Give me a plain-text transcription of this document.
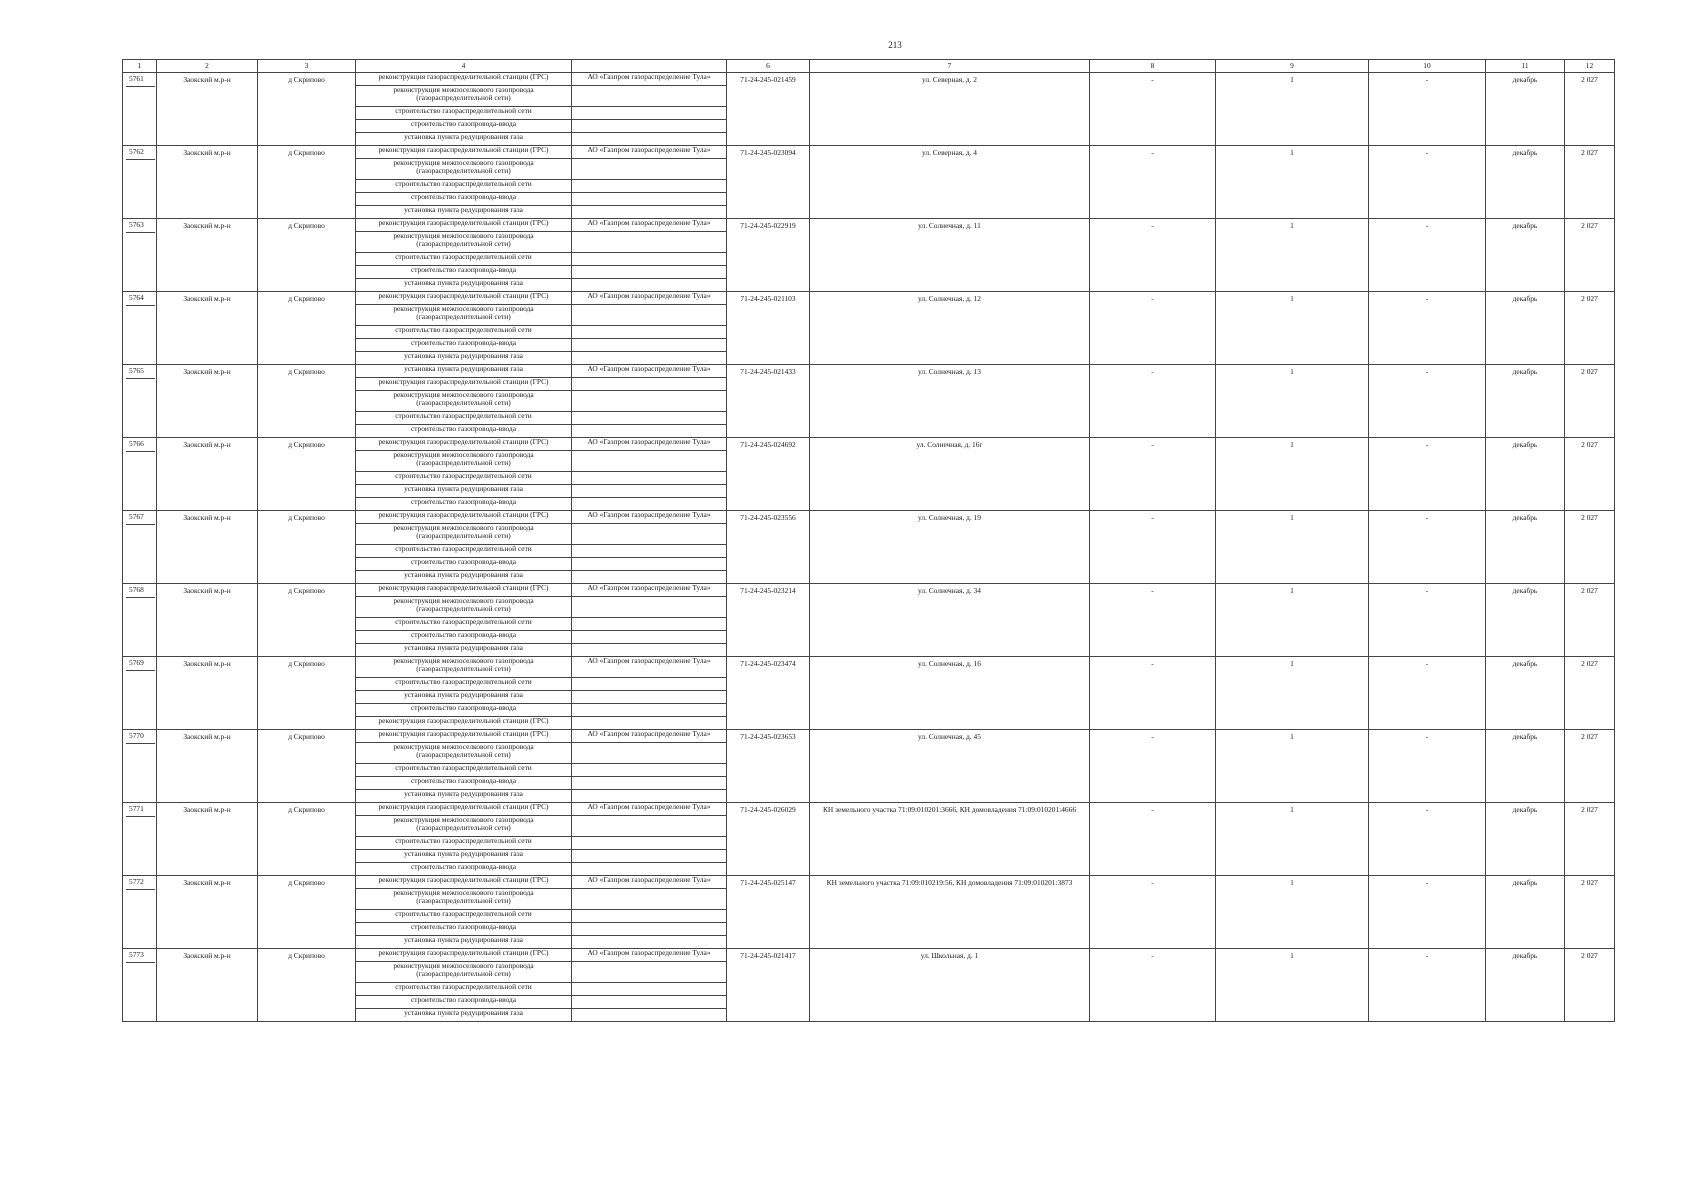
213
1	2	3	4		6	7	8	9	10	11	12

5761	Заокский м.р-н	д Скрипово	реконструкция газораспределительной станции (ГРС)	АО «Газпром газораспределение Тула»	71-24-245-021459	ул. Северная, д. 2	-	1	-	декабрь	2 027

			реконструкция межпоселкового газопровода (газораспределительной сети)								
			строительство газораспределительной сети								
			строительство газопровода-ввода								
			установка пункта редуцирования газа								

5762	Заокский м.р-н	д Скрипово	реконструкция газораспределительной станции (ГРС)	АО «Газпром газораспределение Тула»	71-24-245-023094	ул. Северная, д. 4	-	1	-	декабрь	2 027

			реконструкция межпоселкового газопровода (газораспределительной сети)								
			строительство газораспределительной сети								
			строительство газопровода-ввода								
			установка пункта редуцирования газа								

5763	Заокский м.р-н	д Скрипово	реконструкция газораспределительной станции (ГРС)	АО «Газпром газораспределение Тула»	71-24-245-022919	ул. Солнечная, д. 11	-	1	-	декабрь	2 027

			реконструкция межпоселкового газопровода (газораспределительной сети)								
			строительство газораспределительной сети								
			строительство газопровода-ввода								
			установка пункта редуцирования газа								

5764	Заокский м.р-н	д Скрипово	реконструкция газораспределительной станции (ГРС)	АО «Газпром газораспределение Тула»	71-24-245-021103	ул. Солнечная, д. 12	-	1	-	декабрь	2 027

			реконструкция межпоселкового газопровода (газораспределительной сети)								
			строительство газораспределительной сети								
			строительство газопровода-ввода								
			установка пункта редуцирования газа								

5765	Заокский м.р-н	д Скрипово	установка пункта редуцирования газа	АО «Газпром газораспределение Тула»	71-24-245-021433	ул. Солнечная, д. 13	-	1	-	декабрь	2 027

			реконструкция газораспределительной станции (ГРС)								
			реконструкция межпоселкового газопровода (газораспределительной сети)								
			строительство газораспределительной сети								
			строительство газопровода-ввода								

5766	Заокский м.р-н	д Скрипово	реконструкция газораспределительной станции (ГРС)	АО «Газпром газораспределение Тула»	71-24-245-024692	ул. Солнечная, д. 16г	-	1	-	декабрь	2 027

			реконструкция межпоселкового газопровода (газораспределительной сети)								
			строительство газораспределительной сети								
			установка пункта редуцирования газа								
			строительство газопровода-ввода								

5767	Заокский м.р-н	д Скрипово	реконструкция газораспределительной станции (ГРС)	АО «Газпром газораспределение Тула»	71-24-245-023556	ул. Солнечная, д. 19	-	1	-	декабрь	2 027

			реконструкция межпоселкового газопровода (газораспределительной сети)								
			строительство газораспределительной сети								
			строительство газопровода-ввода								
			установка пункта редуцирования газа								

5768	Заокский м.р-н	д Скрипово	реконструкция газораспределительной станции (ГРС)	АО «Газпром газораспределение Тула»	71-24-245-023214	ул. Солнечная, д. 34	-	1	-	декабрь	2 027

			реконструкция межпоселкового газопровода (газораспределительной сети)								
			строительство газораспределительной сети								
			строительство газопровода-ввода								
			установка пункта редуцирования газа								

5769	Заокский м.р-н	д Скрипово	реконструкция межпоселкового газопровода (газораспределительной сети)	АО «Газпром газораспределение Тула»	71-24-245-023474	ул. Солнечная, д. 16	-	1	-	декабрь	2 027

			строительство газораспределительной сети								
			установка пункта редуцирования газа								
			строительство газопровода-ввода								
			реконструкция газораспределительной станции (ГРС)								

5770	Заокский м.р-н	д Скрипово	реконструкция газораспределительной станции (ГРС)	АО «Газпром газораспределение Тула»	71-24-245-023653	ул. Солнечная, д. 45	-	1	-	декабрь	2 027

			реконструкция межпоселкового газопровода (газораспределительной сети)								
			строительство газораспределительной сети								
			строительство газопровода-ввода								
			установка пункта редуцирования газа								

5771	Заокский м.р-н	д Скрипово	реконструкция газораспределительной станции (ГРС)	АО «Газпром газораспределение Тула»	71-24-245-026029	КН земельного участка 71:09:010201:3666, КН домовладения 71:09:010201:4666	-	1	-	декабрь	2 027

			реконструкция межпоселкового газопровода (газораспределительной сети)								
			строительство газораспределительной сети								
			установка пункта редуцирования газа								
			строительство газопровода-ввода								

5772	Заокский м.р-н	д Скрипово	реконструкция газораспределительной станции (ГРС)	АО «Газпром газораспределение Тула»	71-24-245-025147	КН земельного участка 71:09:010219:56, КН домовладения 71:09:010201:3873	-	1	-	декабрь	2 027

			реконструкция межпоселкового газопровода (газораспределительной сети)								
			строительство газораспределительной сети								
			строительство газопровода-ввода								
			установка пункта редуцирования газа								

5773	Заокский м.р-н	д Скрипово	реконструкция газораспределительной станции (ГРС)	АО «Газпром газораспределение Тула»	71-24-245-021417	ул. Школьная, д. 1	-	1	-	декабрь	2 027

			реконструкция межпоселкового газопровода (газораспределительной сети)								
			строительство газораспределительной сети								
			строительство газопровода-ввода								
			установка пункта редуцирования газа								
